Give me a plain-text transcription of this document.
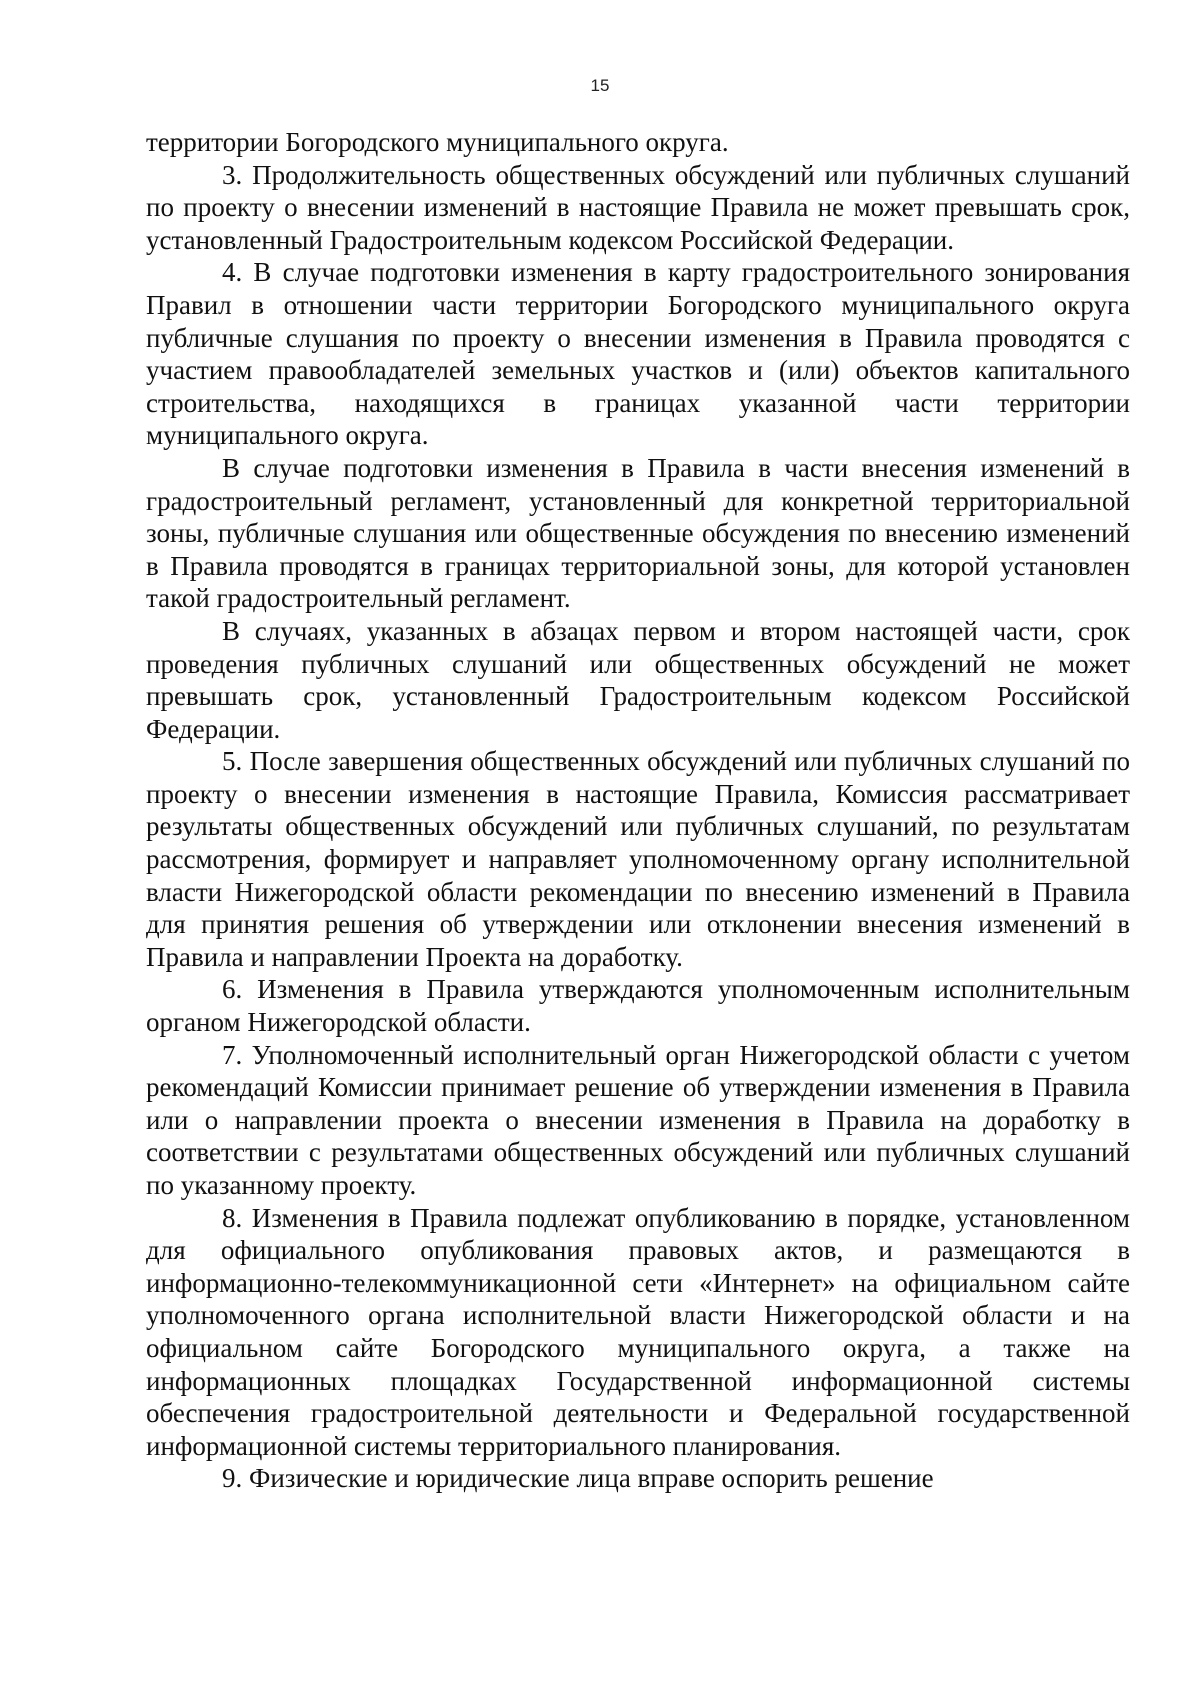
15

территории Богородского муниципального округа.

3. Продолжительность общественных обсуждений или публичных слушаний по проекту о внесении изменений в настоящие Правила не может превышать срок, установленный Градостроительным кодексом Российской Федерации.

4. В случае подготовки изменения в карту градостроительного зонирования Правил в отношении части территории Богородского муниципального округа публичные слушания по проекту о внесении изменения в Правила проводятся с участием правообладателей земельных участков и (или) объектов капитального строительства, находящихся в границах указанной части территории муниципального округа.

В случае подготовки изменения в Правила в части внесения изменений в градостроительный регламент, установленный для конкретной территориальной зоны, публичные слушания или общественные обсуждения по внесению изменений в Правила проводятся в границах территориальной зоны, для которой установлен такой градостроительный регламент.

В случаях, указанных в абзацах первом и втором настоящей части, срок проведения публичных слушаний или общественных обсуждений не может превышать срок, установленный Градостроительным кодексом Российской Федерации.

5. После завершения общественных обсуждений или публичных слушаний по проекту о внесении изменения в настоящие Правила, Комиссия рассматривает результаты общественных обсуждений или публичных слушаний, по результатам рассмотрения, формирует и направляет уполномоченному органу исполнительной власти Нижегородской области рекомендации по внесению изменений в Правила для принятия решения об утверждении или отклонении внесения изменений в Правила и направлении Проекта на доработку.

6. Изменения в Правила утверждаются уполномоченным исполнительным органом Нижегородской области.

7. Уполномоченный исполнительный орган Нижегородской области с учетом рекомендаций Комиссии принимает решение об утверждении изменения в Правила или о направлении проекта о внесении изменения в Правила на доработку в соответствии с результатами общественных обсуждений или публичных слушаний по указанному проекту.

8. Изменения в Правила подлежат опубликованию в порядке, установленном для официального опубликования правовых актов, и размещаются в информационно-телекоммуникационной сети «Интернет» на официальном сайте уполномоченного органа исполнительной власти Нижегородской области и на официальном сайте Богородского муниципального округа, а также на информационных площадках Государственной информационной системы обеспечения градостроительной деятельности и Федеральной государственной информационной системы территориального планирования.

9. Физические и юридические лица вправе оспорить решение
